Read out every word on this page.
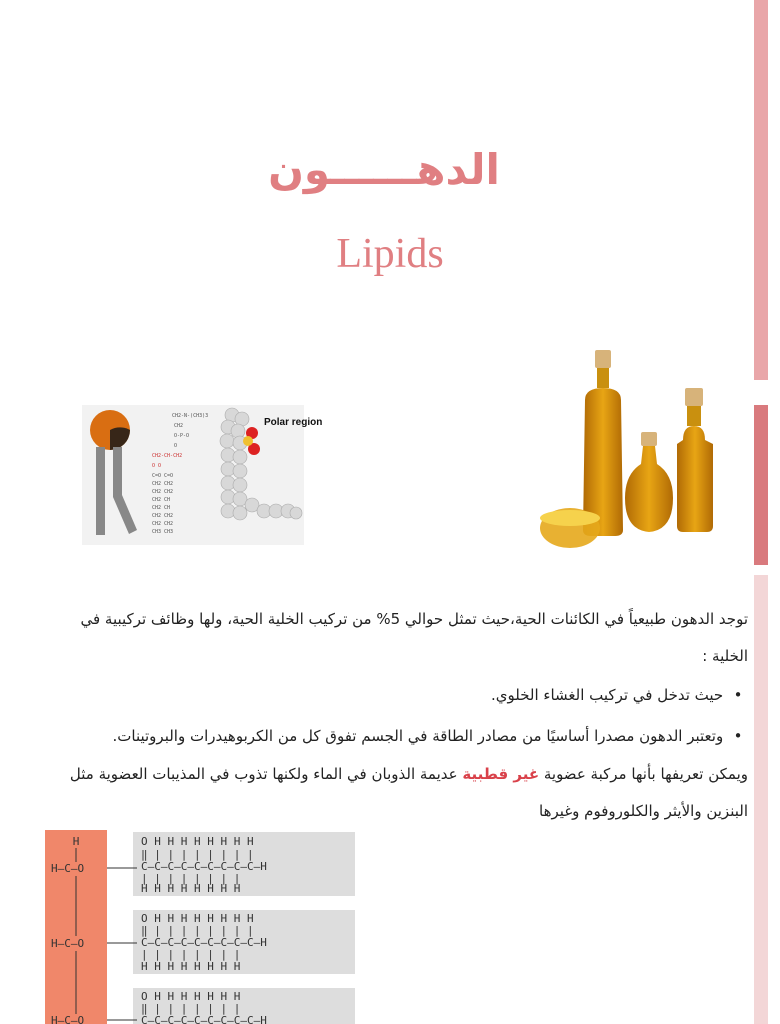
الدهــــــون
Lipids
CH2-N-(CH3)3
CH2
O-P-O
O
CH2-CH-CH2
O O
C=O C=O
CH2 CH2
CH2 CH2
CH2 CH
CH2 CH
CH2 CH2
CH2 CH2
CH3 CH3
Polar region
توجد الدهون طبيعياً في الكائنات الحية،حيث تمثل حوالي 5% من تركيب الخلية الحية، ولها وظائف تركيبية في
الخلية :
• حيث تدخل في تركيب الغشاء الخلوي.
• وتعتبر الدهون مصدرا أساسيًا من مصادر الطاقة في الجسم تفوق كل من الكربوهيدرات والبروتينات.
ويمكن تعريفها بأنها مركبة عضوية غير قطبية عديمة الذوبان في الماء ولكنها تذوب في المذيبات العضوية مثل
البنزين والأيثر والكلوروفوم وغيرها
H
H—C—O
H—C—O
H—C—O
O H H H H H H H H
‖ | | | | | | | |
C—C—C—C—C—C—C—C—C—H
| | | | | | | |
H H H H H H H H
O H H H H H H H H
‖ | | | | | | | |
C—C—C—C—C—C—C—C—C—H
| | | | | | | |
H H H H H H H H
O H H H H H H H
‖ | | | | | | |
C—C—C—C—C—C—C—C—C—H
